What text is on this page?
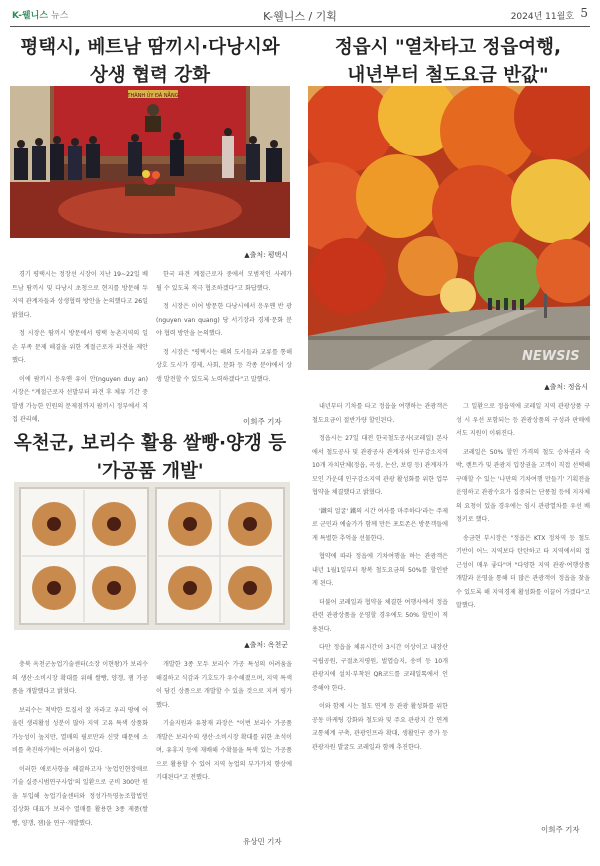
K-웰니스 뉴스	K-웰니스 / 기획	2024년 11월호 5
평택시, 베트남 땀끼시·다낭시와
상생 협력 강화
THÀNH ỦY ĐÀ NẴNG
▲출처: 평택시

경기 평택시는 정장선 시장이 지난 19~22일 베트남 땀끼시 및 다낭시 초청으로 현지를 방문해 두 지역 관계자들과 상생협력 방안을 논의했다고 26일 밝혔다.

정 시장은 땀끼시 방문에서 평택 농촌지역의 일손 부족 문제 해결을 위한 계절근로자 파견을 제안했다.

이에 팜끼시 응우옌 유이 안(nguyen duy an) 시장은 "계절근로자 선발부터 파견 후 체류 기간 중 발생 가능한 인원의 문제점까지 팜끼시 정부에서 직접 관리해,

한국 파견 계절근로자 중에서 모범적인 사례가 될 수 있도록 적극 협조하겠다"고 화답했다.

정 시장은 이어 방문한 다낭시에서 응우옌 반 광(nguyen van quang) 당 서기장과 경제·문화 분야 협력 방안을 논의했다.

정 시장은 "평택시는 해외 도시들과 교류를 통해 상호 도시가 경제, 사회, 문화 등 각종 분야에서 상생 발전할 수 있도록 노력하겠다"고 말했다.

이희주 기자
옥천군, 보리수 활용 쌀빵·양갱 등
'가공품 개발'
▲출처: 옥천군

충북 옥천군농업기술센터(소장 이현왕)가 보리수의 생산·소비시장 확대를 위해 쌀빵, 양갱, 잼 가공품을 개발했다고 밝혔다.

보리수는 척박한 토질서 잘 자라고 우리 땅에 어울린 생리활성 성분이 많아 지역 고유 특색 상품화 가능성이 높지만, 열매의 필로만과 신맛 때문에 소비를 촉진하기에는 어려움이 있다.

이러한 애로사항을 해결하고자 '농업인현장애로기술 실증시범연구사업'의 일환으로 군비 300만 원을 투입해 농업기술센터와 정성가득영농조합법인 김상화 대표가 보리수 열매를 활용한 3종 제품(쌀빵, 양갱, 잼)을 연구·개발했다.

개발한 3종 모두 보리수 가공 특성의 어려움을 해결하고 식감과 기호도가 우수해졌으며, 지역 특색이 담긴 상품으로 개발할 수 있을 것으로 지켜 평가했다.

기술지원과 유창재 과장은 "이번 보리수 가공품 개발은 보리수의 생산·소비시장 확대를 위한 초석이며, 유휴지 등에 재배해 수확물을 특색 있는 가공품으로 활용할 수 있어 지역 농업의 부가가치 향상에 기대된다"고 전했다.

유상민 기자
정읍시 "열차타고 정읍여행,
내년부터 철도요금 반값"
NEWSIS
▲출처: 정읍시

내년부터 기차를 타고 정읍을 여행하는 관광객은 철도요금이 절반가량 할인된다.

정읍시는 27일 대전 한국철도공사(코레일) 본사에서 철도공사 및 관광공사 관계자와 인구감소지역 10개 자치단체(정읍, 곡성, 논산, 보령 등) 관계자가 모인 가운데 인구감소지역 관광 활성화를 위한 업무협약을 체결했다고 밝혔다.

'鐵의 얼굴' 鐵의 시간 여사를 마주하다'라는 주제로 군민과 예술가가 함께 만든 포토존은 방문객들에게 특별한 추억을 선물한다.

협약에 따라 정읍에 기차여행을 하는 관광객은 내년 1월1일부터 왕복 철도요금의 50%를 할인받게 된다.

더불어 코레일과 협약을 체결한 여행사에서 정읍 관련 관광상품을 운영할 경우에도 50% 할인이 적용된다.

다만 정읍을 체류시간이 3시간 이상이고 내장산국립공원, 구절초지평원, 벌엽습지, 송비 등 10개 관광지에 설치·부착된 QR코드를 코레일톡에서 인증해야 한다.

이와 함께 시는 철도 연계 등 관광 활성화를 위한 공동 마케팅 강화와 철도와 및 주요 관광지 간 연계 교통체계 구축, 관광인프라 확대, 생활인구 증가 등 관광자원 발굴도 코레일과 함께 추진한다.

그 일환으로 정읍역에 코레일 지역 관광상품 구성 시 우선 포함되는 등 관광상품의 구성과 판매에서도 지원이 이뤄진다.

코레일은 50% 할인 가격의 철도 승차권과 숙박, 렌트카 및 관광지 입장권을 고객이 직접 선택해 구매할 수 있는 '나만의 기차여행 만들기' 기획전을 운영하고 관광수요가 집중되는 단풍철 등에 지자체의 요청이 있을 경우에는 임시 관광열차를 우선 배정키로 했다.

송금현 부시장은 "정읍은 KTX 정차역 등 철도 기반이 어느 지역보다 탄탄하고 타 지역에서의 접근성이 매우 좋다"며 "다양한 지역 관광·여행상품 개발과 운영을 통해 더 많은 관광객이 정읍을 찾을 수 있도록 해 지역경제 활성화를 이끌어 가겠다"고 말했다.

이희주 기자
